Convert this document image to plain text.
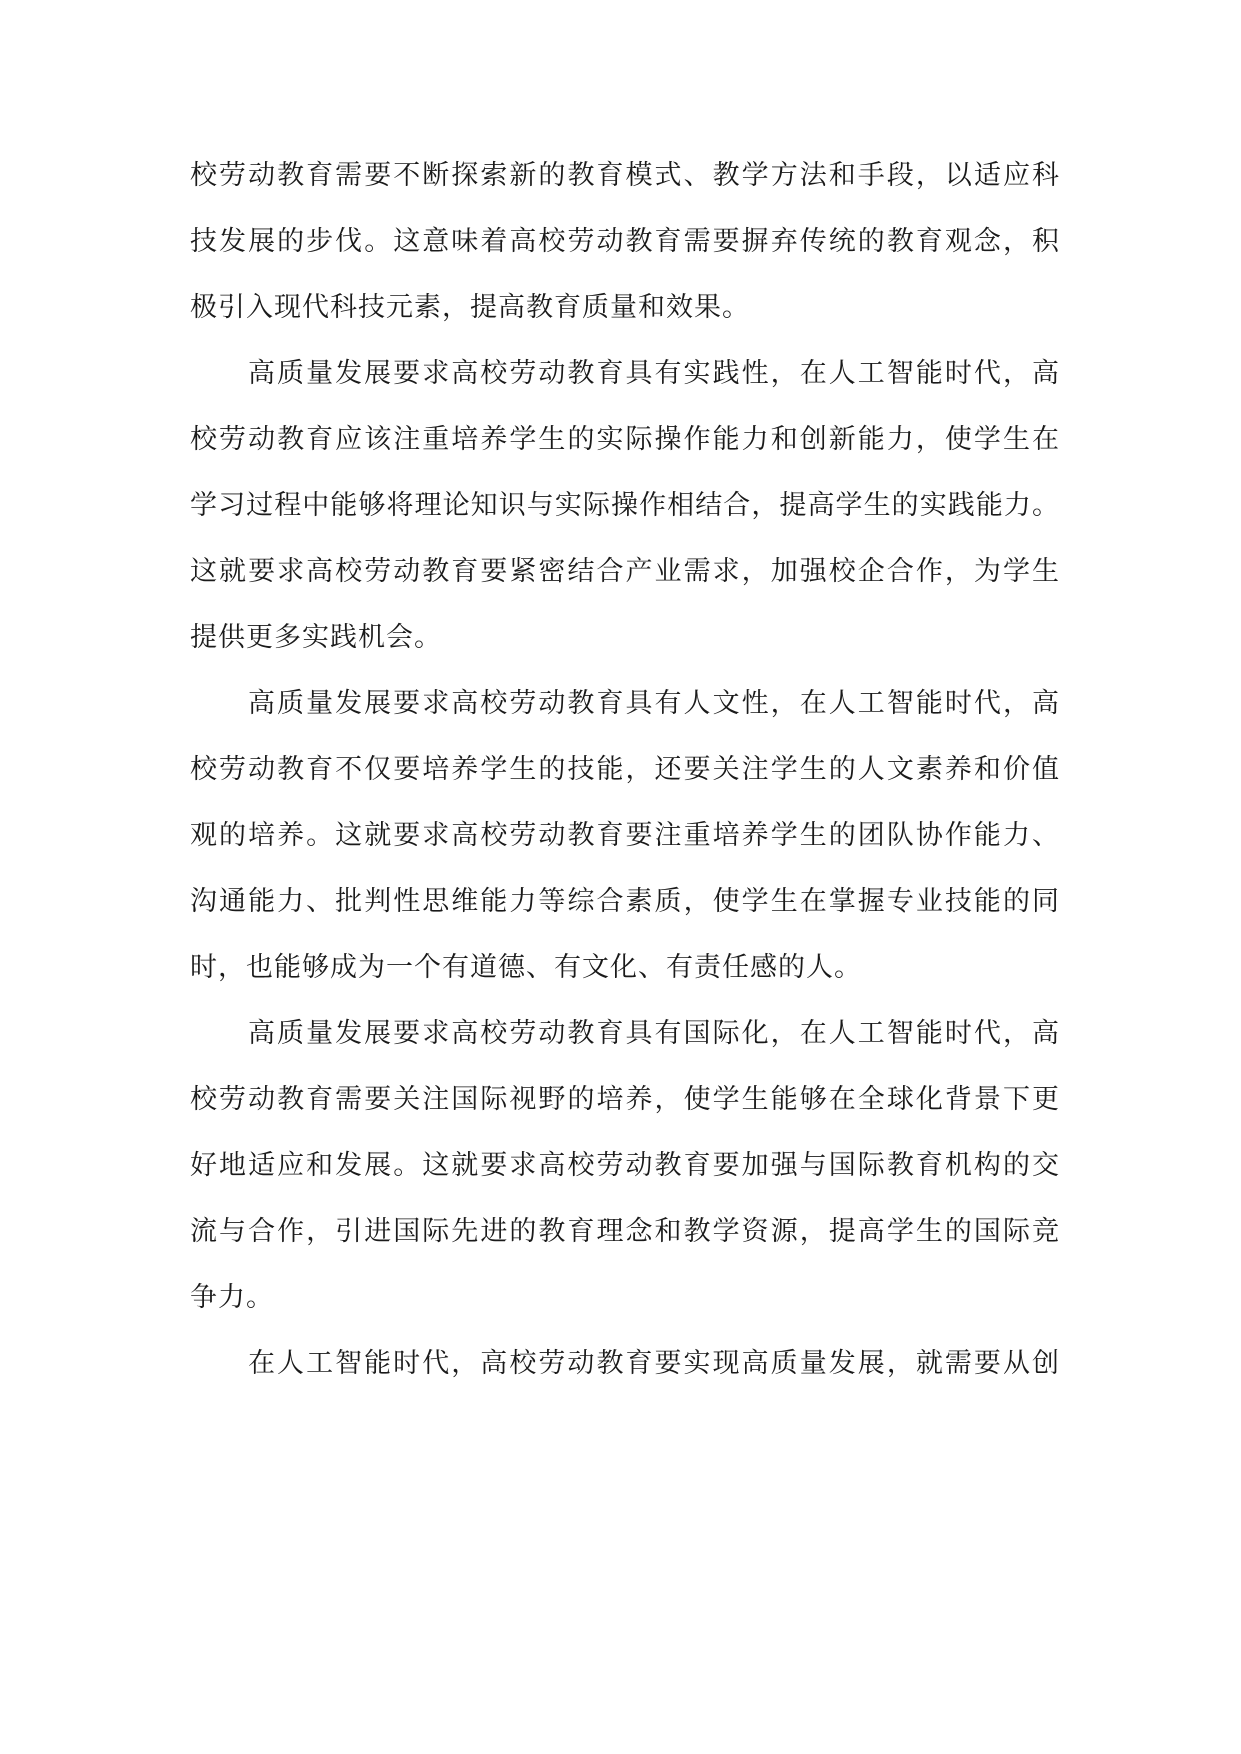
校劳动教育需要不断探索新的教育模式、教学方法和手段，以适应科
技发展的步伐。这意味着高校劳动教育需要摒弃传统的教育观念，积
极引入现代科技元素，提高教育质量和效果。
高质量发展要求高校劳动教育具有实践性，在人工智能时代，高
校劳动教育应该注重培养学生的实际操作能力和创新能力，使学生在
学习过程中能够将理论知识与实际操作相结合，提高学生的实践能力。
这就要求高校劳动教育要紧密结合产业需求，加强校企合作，为学生
提供更多实践机会。
高质量发展要求高校劳动教育具有人文性，在人工智能时代，高
校劳动教育不仅要培养学生的技能，还要关注学生的人文素养和价值
观的培养。这就要求高校劳动教育要注重培养学生的团队协作能力、
沟通能力、批判性思维能力等综合素质，使学生在掌握专业技能的同
时，也能够成为一个有道德、有文化、有责任感的人。
高质量发展要求高校劳动教育具有国际化，在人工智能时代，高
校劳动教育需要关注国际视野的培养，使学生能够在全球化背景下更
好地适应和发展。这就要求高校劳动教育要加强与国际教育机构的交
流与合作，引进国际先进的教育理念和教学资源，提高学生的国际竞
争力。
在人工智能时代，高校劳动教育要实现高质量发展，就需要从创
